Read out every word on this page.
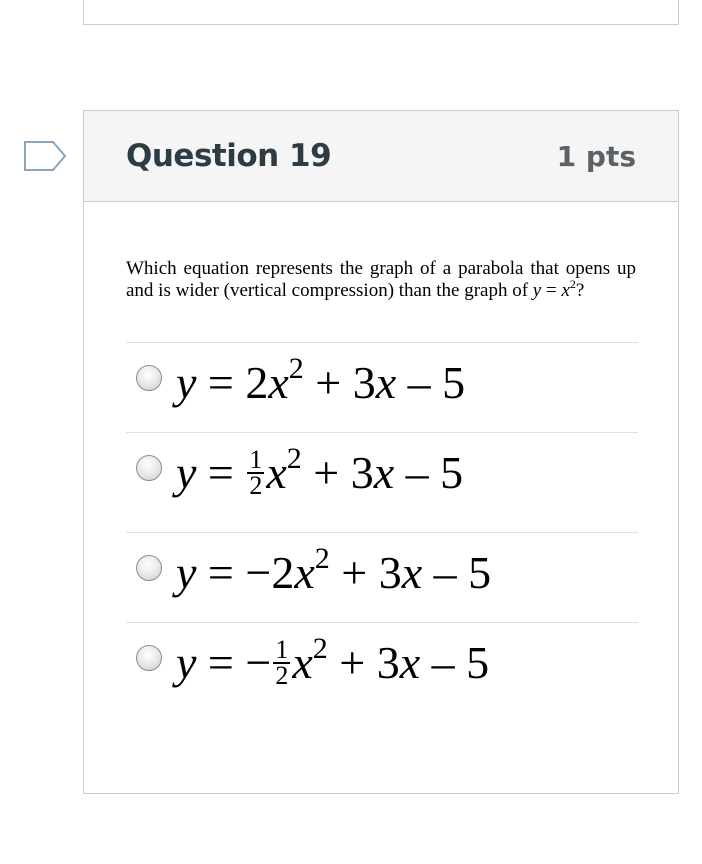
Question 19	1 pts

Which equation represents the graph of a parabola that opens up and is wider (vertical compression) than the graph of $y = x^2$?

$y = 2x^2 + 3x - 5$
$y = \frac{1}{2} x^2 + 3x - 5$
$y = -2x^2 + 3x - 5$
y = − $\frac{1}{2} x^2 + 3x - 5$
